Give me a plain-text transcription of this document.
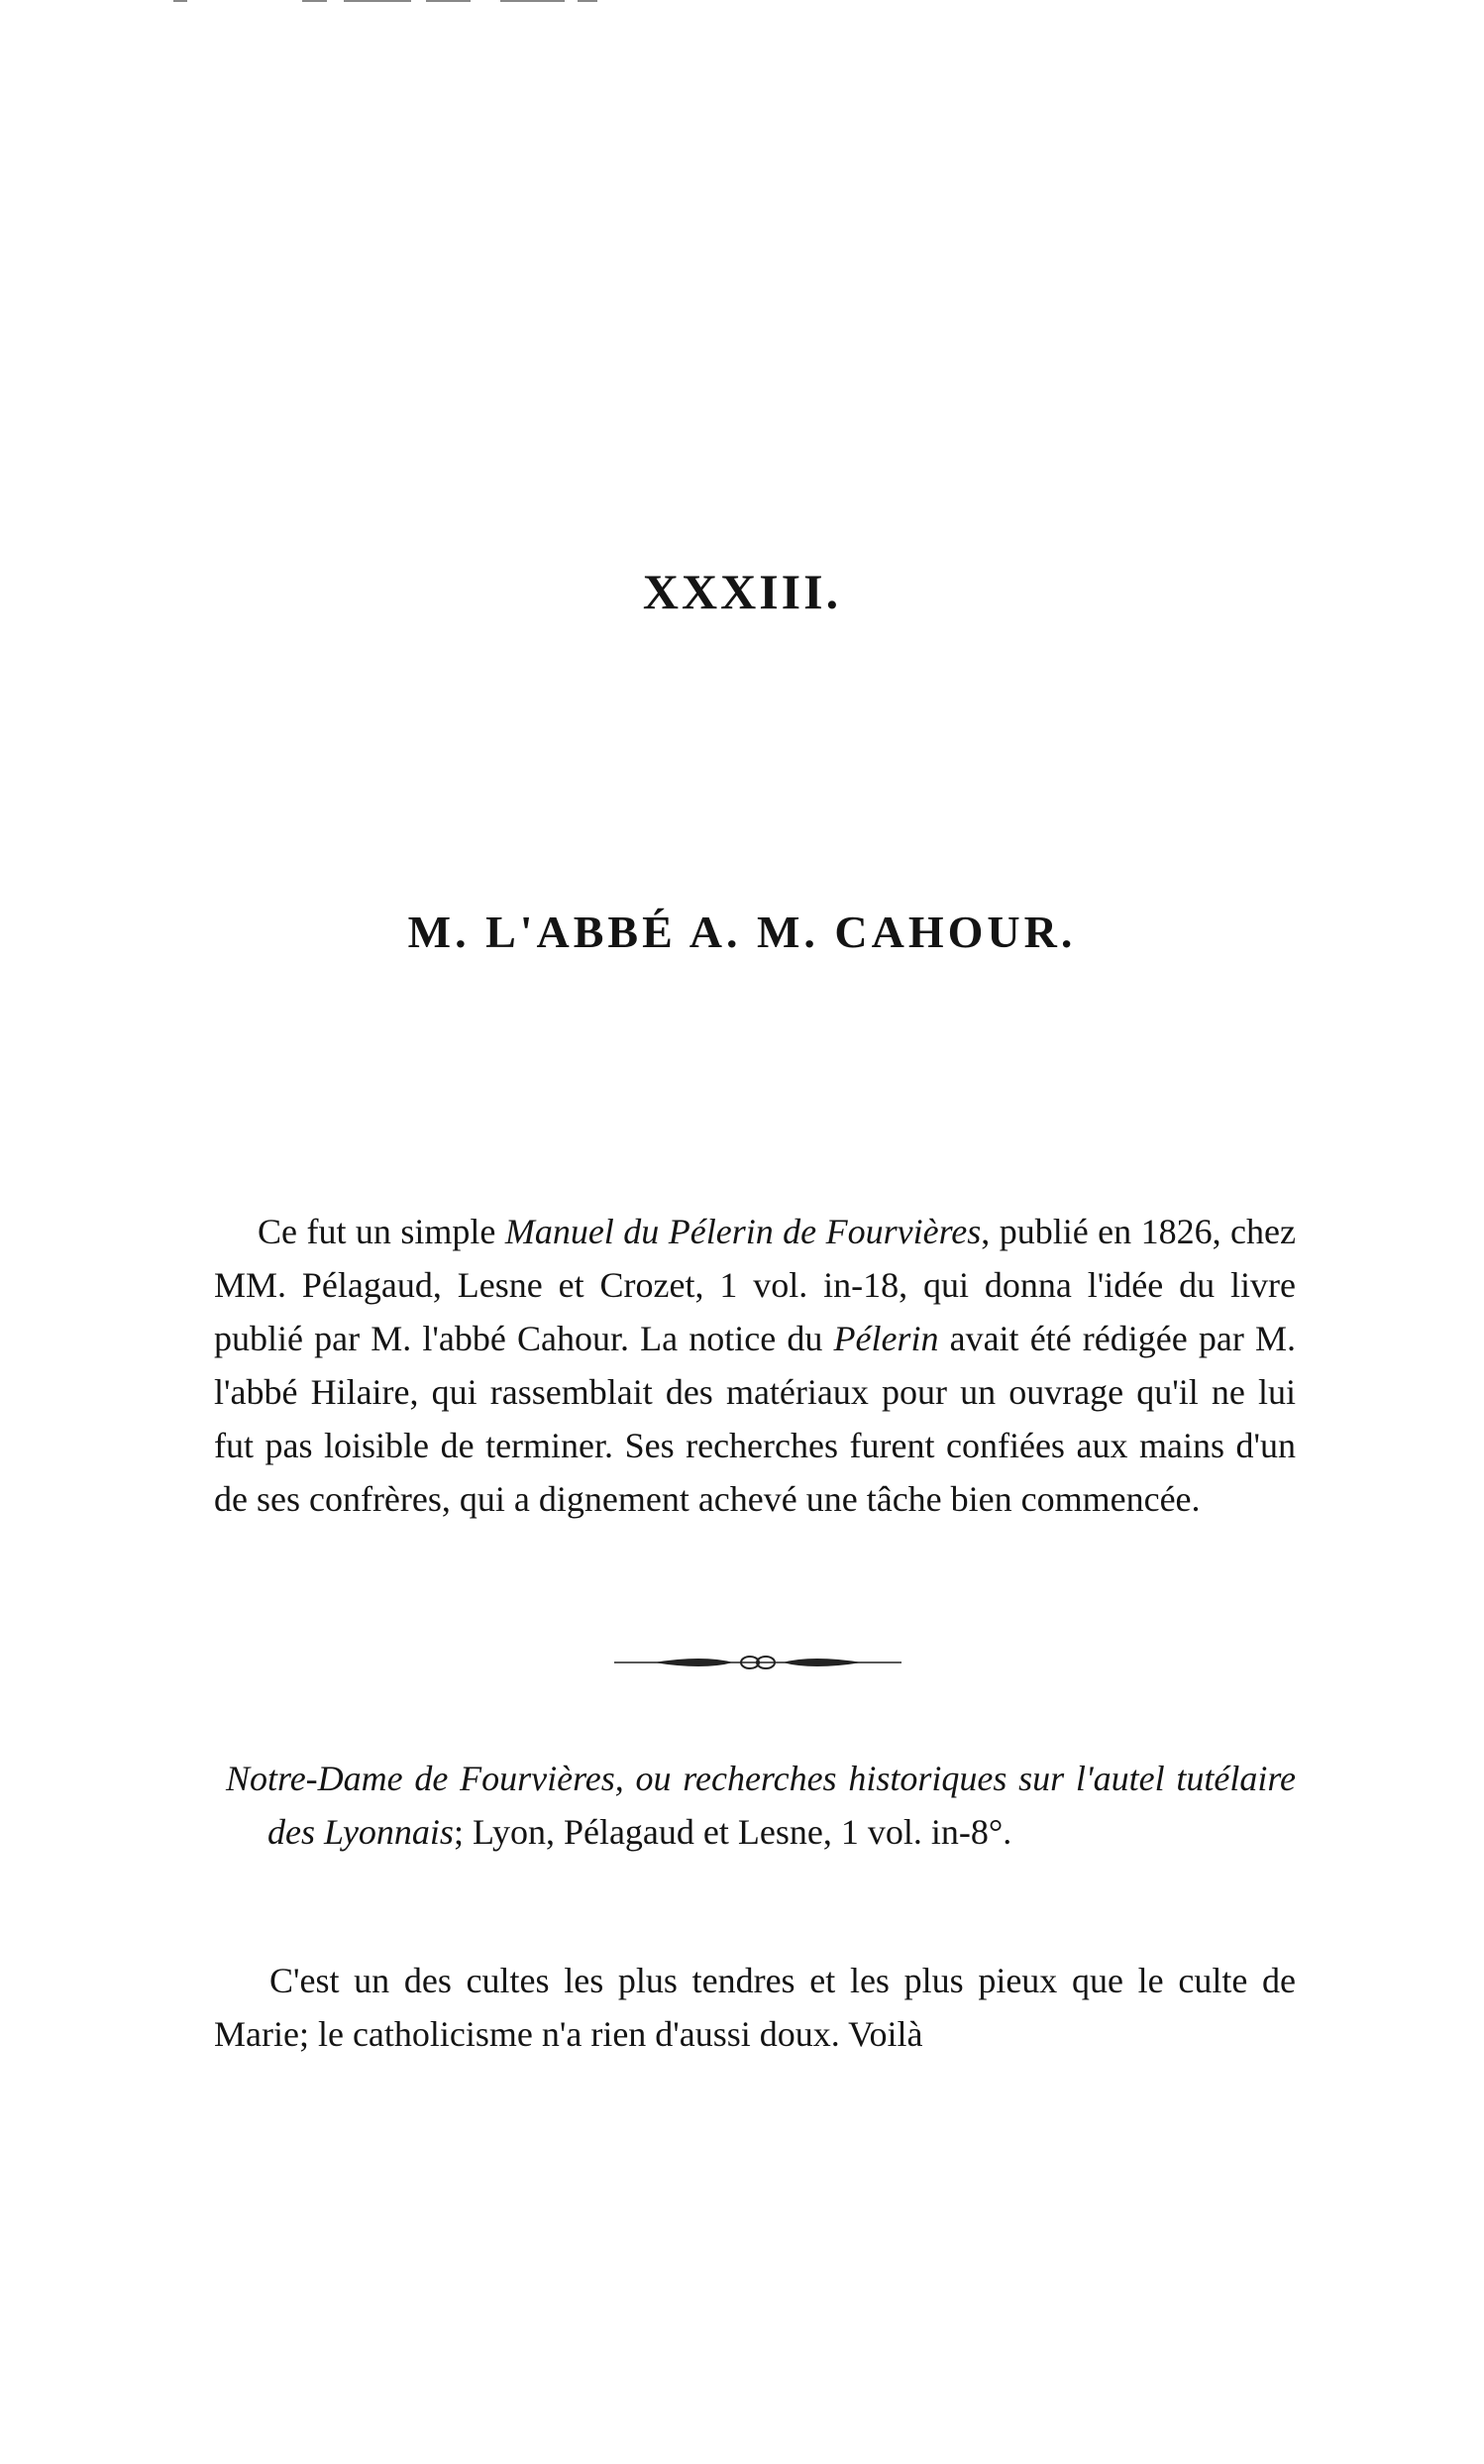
XXXIII.
M. L'ABBÉ A. M. CAHOUR.

Ce fut un simple Manuel du Pélerin de Fourvières, publié en 1826, chez MM. Pélagaud, Lesne et Crozet, 1 vol. in-18, qui donna l'idée du livre publié par M. l'abbé Cahour. La notice du Pélerin avait été rédigée par M. l'abbé Hilaire, qui rassemblait des matériaux pour un ouvrage qu'il ne lui fut pas loisible de terminer. Ses recherches furent confiées aux mains d'un de ses confrères, qui a dignement achevé une tâche bien commencée.

Notre-Dame de Fourvières, ou recherches historiques sur l'autel tutélaire des Lyonnais; Lyon, Pélagaud et Lesne, 1 vol. in-8°.

C'est un des cultes les plus tendres et les plus pieux que le culte de Marie; le catholicisme n'a rien d'aussi doux. Voilà
